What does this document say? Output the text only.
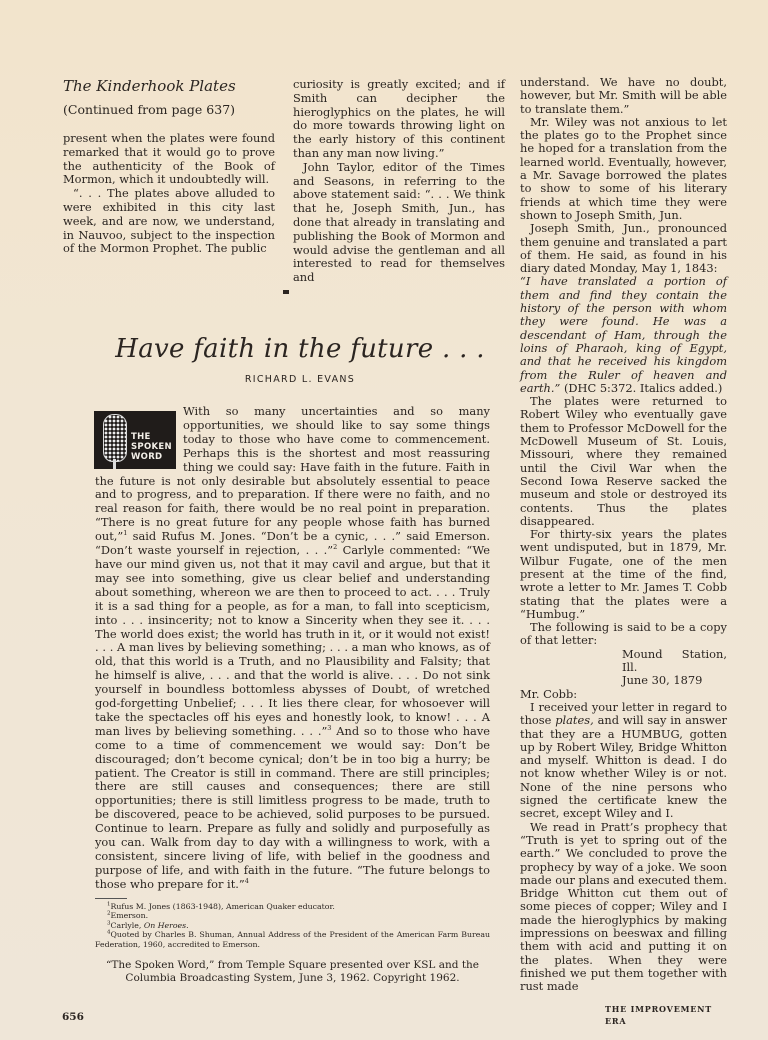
The Kinderhook Plates
(Continued from page 637)

present when the plates were found remarked that it would go to prove the authenticity of the Book of Mormon, which it undoubtedly will.

“. . . The plates above alluded to were exhibited in this city last week, and are now, we understand, in Nauvoo, subject to the inspection of the Mormon Prophet. The public

curiosity is greatly excited; and if Smith can decipher the hieroglyphics on the plates, he will do more towards throwing light on the early history of this continent than any man now living.”

John Taylor, editor of the Times and Seasons, in referring to the above statement said: “. . . We think that he, Joseph Smith, Jun., has done that already in translating and publishing the Book of Mormon and would advise the gentleman and all interested to read for themselves and

understand. We have no doubt, however, but Mr. Smith will be able to translate them.”

Mr. Wiley was not anxious to let the plates go to the Prophet since he hoped for a translation from the learned world. Eventually, however, a Mr. Savage borrowed the plates to show to some of his literary friends at which time they were shown to Joseph Smith, Jun.

Joseph Smith, Jun., pronounced them genuine and translated a part of them. He said, as found in his diary dated Monday, May 1, 1843:

“I have translated a portion of them and find they contain the history of the person with whom they were found. He was a descendant of Ham, through the loins of Pharaoh, king of Egypt, and that he received his kingdom from the Ruler of heaven and earth.” (DHC 5:372. Italics added.)

The plates were returned to Robert Wiley who eventually gave them to Professor McDowell for the McDowell Museum of St. Louis, Missouri, where they remained until the Civil War when the Second Iowa Reserve sacked the museum and stole or destroyed its contents. Thus the plates disappeared.

For thirty-six years the plates went undisputed, but in 1879, Mr. Wilbur Fugate, one of the men present at the time of the find, wrote a letter to Mr. James T. Cobb stating that the plates were a “Humbug.”

The following is said to be a copy of that letter:

Mound Station, Ill.

June 30, 1879

Mr. Cobb:

I received your letter in regard to those plates, and will say in answer that they are a HUMBUG, gotten up by Robert Wiley, Bridge Whitton and myself. Whitton is dead. I do not know whether Wiley is or not. None of the nine persons who signed the certificate knew the secret, except Wiley and I.

We read in Pratt’s prophecy that “Truth is yet to spring out of the earth.” We concluded to prove the prophecy by way of a joke. We soon made our plans and executed them. Bridge Whitton cut them out of some pieces of copper; Wiley and I made the hieroglyphics by making impressions on beeswax and filling them with acid and putting it on the plates. When they were finished we put them together with rust made

THE IMPROVEMENT ERA
Have faith in the future . . .
RICHARD L. EVANS
THE
SPOKEN
WORD
With so many uncertainties and so many opportunities, we should like to say some things today to those who have come to commencement. Perhaps this is the shortest and most reassuring thing we could say: Have faith in the future. Faith in the future is not only desirable but absolutely essential to peace and to progress, and to preparation. If there were no faith, and no real reason for faith, there would be no real point in preparation. “There is no great future for any people whose faith has burned out,”$^1$ said Rufus M. Jones. “Don’t be a cynic, . . .” said Emerson. “Don’t waste yourself in rejection, . . .”$^2$ Carlyle commented: “We have our mind given us, not that it may cavil and argue, but that it may see into something, give us clear belief and understanding about something, whereon we are then to proceed to act. . . . Truly it is a sad thing for a people, as for a man, to fall into scepticism, into . . . insincerity; not to know a Sincerity when they see it. . . . The world does exist; the world has truth in it, or it would not exist! . . . A man lives by believing something; . . . a man who knows, as of old, that this world is a Truth, and no Plausibility and Falsity; that he himself is alive, . . . and that the world is alive. . . . Do not sink yourself in boundless bottomless abysses of Doubt, of wretched god-forgetting Unbelief; . . . It lies there clear, for whosoever will take the spectacles off his eyes and honestly look, to know! . . . A man lives by believing something. . . .”$^3$ And so to those who have come to a time of commencement we would say: Don’t be discouraged; don’t become cynical; don’t be in too big a hurry; be patient. The Creator is still in command. There are still principles; there are still causes and consequences; there are still opportunities; there is still limitless progress to be made, truth to be discovered, peace to be achieved, solid purposes to be pursued. Continue to learn. Prepare as fully and solidly and purposefully as you can. Walk from day to day with a willingness to work, with a consistent, sincere living of life, with belief in the goodness and purpose of life, and with faith in the future. “The future belongs to those who prepare for it.”$^4$

$^1$Rufus M. Jones (1863-1948), American Quaker educator.

$^2$Emerson.

$^3$Carlyle, On Heroes.

$^4$Quoted by Charles B. Shuman, Annual Address of the President of the American Farm Bureau Federation, 1960, accredited to Emerson.

“The Spoken Word,” from Temple Square presented over KSL and the Columbia Broadcasting System, June 3, 1962. Copyright 1962.
656
